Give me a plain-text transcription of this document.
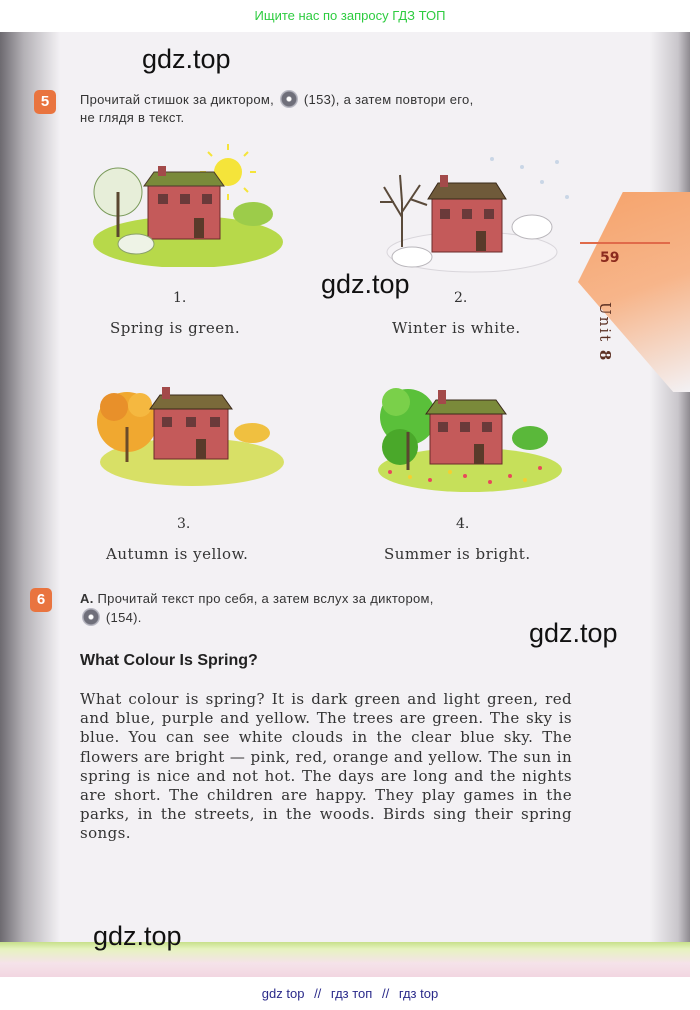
Ищите нас по запросу ГДЗ ТОП
59
Unit 8
5	Прочитай стишок за диктором, (153), а затем повтори его,
не глядя в текст.
1.
Spring is green.
2.
Winter is white.
3.
Autumn is yellow.
4.
Summer is bright.
6	A. Прочитай текст про себя, а затем вслух за диктором,
(154).
What Colour Is Spring?
What colour is spring? It is dark green and light green, red and blue, purple and yellow. The trees are green. The sky is blue. You can see white clouds in the clear blue sky. The flowers are bright — pink, red, orange and yellow. The sun in spring is nice and not hot. The days are long and the nights are short. The children are happy. They play games in the parks, in the streets, in the woods. Birds sing their spring songs.
gdz.top
gdz.top
gdz.top
gdz.top
gdz top // гдз топ // гдз top
